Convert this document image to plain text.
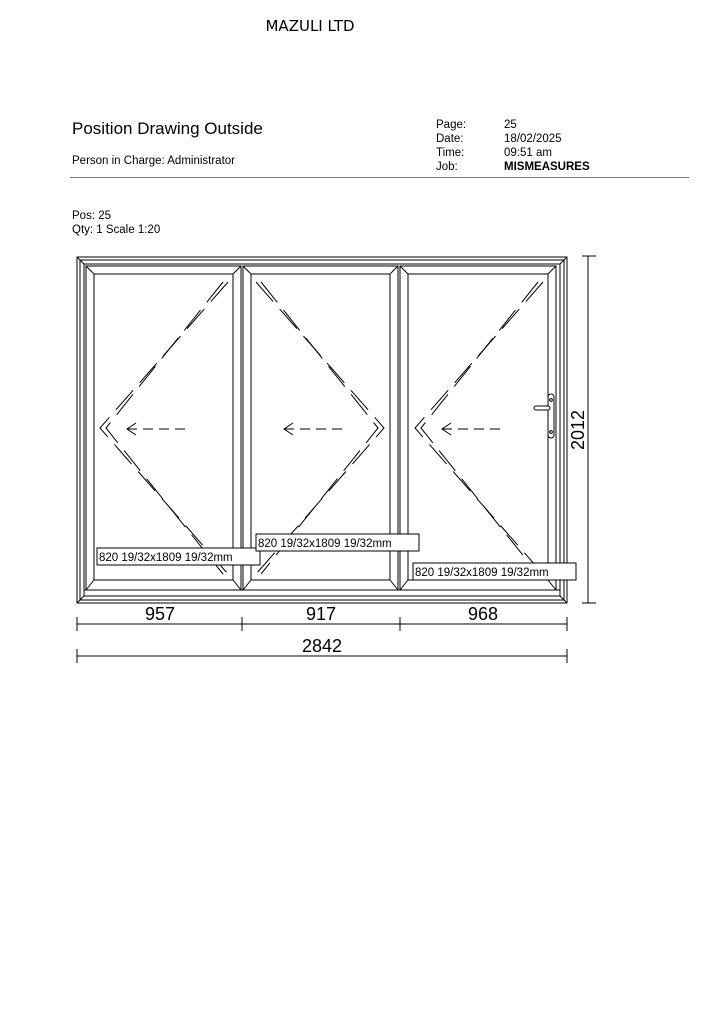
MAZULI LTD
Position Drawing Outside
Person in Charge: Administrator
Page:	25
Date:	18/02/2025
Time:	09:51 am
Job:	MISMEASURES
Pos: 25
Qty: 1 Scale 1:20
820 19/32x1809 19/32mm
820 19/32x1809 19/32mm
820 19/32x1809 19/32mm
957	917	968
2842
2012
